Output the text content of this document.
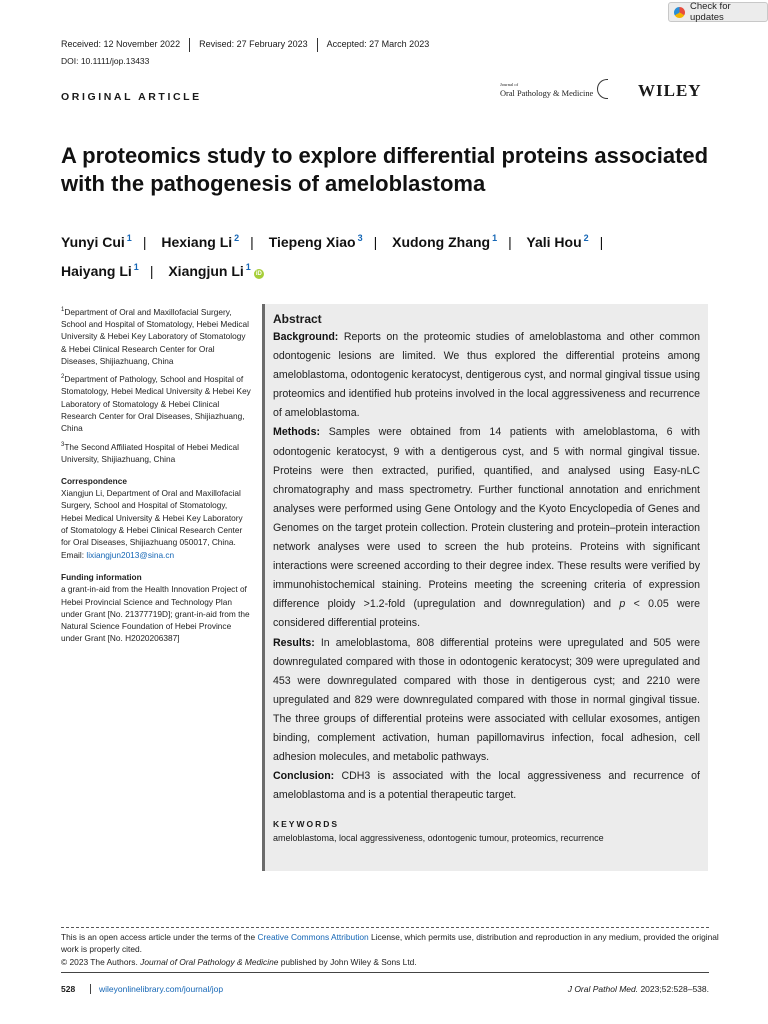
Check for updates
Received: 12 November 2022	Revised: 27 February 2023	Accepted: 27 March 2023
DOI: 10.1111/jop.13433
ORIGINAL ARTICLE
Journal of
Oral Pathology & Medicine	WILEY
A proteomics study to explore differential proteins associated with the pathogenesis of ameloblastoma
Yunyi Cui $^1$ | Hexiang Li $^2$ | Tiepeng Xiao $^3$ | Xudong Zhang $^1$ | Yali Hou $^2$ |
Haiyang Li $^1$ | Xiangjun Li $^1$iD

$^1$Department of Oral and Maxillofacial Surgery, School and Hospital of Stomatology, Hebei Medical University & Hebei Key Laboratory of Stomatology & Hebei Clinical Research Center for Oral Diseases, Shijiazhuang, China

$^2$Department of Pathology, School and Hospital of Stomatology, Hebei Medical University & Hebei Key Laboratory of Stomatology & Hebei Clinical Research Center for Oral Diseases, Shijiazhuang, China

$^3$The Second Affiliated Hospital of Hebei Medical University, Shijiazhuang, China

Correspondence

Xiangjun Li, Department of Oral and Maxillofacial Surgery, School and Hospital of Stomatology, Hebei Medical University & Hebei Key Laboratory of Stomatology & Hebei Clinical Research Center for Oral Diseases, Shijiazhuang 050017, China.
Email: lixiangjun2013@sina.cn

Funding information

a grant-in-aid from the Health Innovation Project of Hebei Provincial Science and Technology Plan under Grant [No. 21377719D]; grant-in-aid from the Natural Science Foundation of Hebei Province under Grant [No. H2020206387]

Abstract

Background: Reports on the proteomic studies of ameloblastoma and other common odontogenic lesions are limited. We thus explored the differential proteins among ameloblastoma, odontogenic keratocyst, dentigerous cyst, and normal gingival tissue using proteomics and identified hub proteins involved in the local aggressiveness and recurrence of ameloblastoma.

Methods: Samples were obtained from 14 patients with ameloblastoma, 6 with odontogenic keratocyst, 9 with a dentigerous cyst, and 5 with normal gingival tissue. Proteins were then extracted, purified, quantified, and analysed using Easy-nLC chromatography and mass spectrometry. Further functional annotation and enrichment analyses were performed using Gene Ontology and the Kyoto Encyclopedia of Genes and Genomes on the target protein collection. Protein clustering and protein–protein interaction network analyses were used to screen the hub proteins. Proteins with significant interactions were screened according to their degree index. These results were verified by immunohistochemical staining. Proteins meeting the screening criteria of expression difference ploidy >1.2-fold (upregulation and downregulation) and p < 0.05 were considered differential proteins.

Results: In ameloblastoma, 808 differential proteins were upregulated and 505 were downregulated compared with those in odontogenic keratocyst; 309 were upregulated and 453 were downregulated compared with those in dentigerous cyst; and 2210 were upregulated and 829 were downregulated compared with those in normal gingival tissue. The three groups of differential proteins were associated with cellular exosomes, antigen binding, complement activation, human papillomavirus infection, focal adhesion, cell adhesion molecules, and metabolic pathways.

Conclusion: CDH3 is associated with the local aggressiveness and recurrence of ameloblastoma and is a potential therapeutic target.

KEYWORDS
ameloblastoma, local aggressiveness, odontogenic tumour, proteomics, recurrence
This is an open access article under the terms of the Creative Commons Attribution License, which permits use, distribution and reproduction in any medium, provided the original work is properly cited.
© 2023 The Authors. Journal of Oral Pathology & Medicine published by John Wiley & Sons Ltd.
528	wileyonlinelibrary.com/journal/jop	J Oral Pathol Med. 2023;52:528–538.
